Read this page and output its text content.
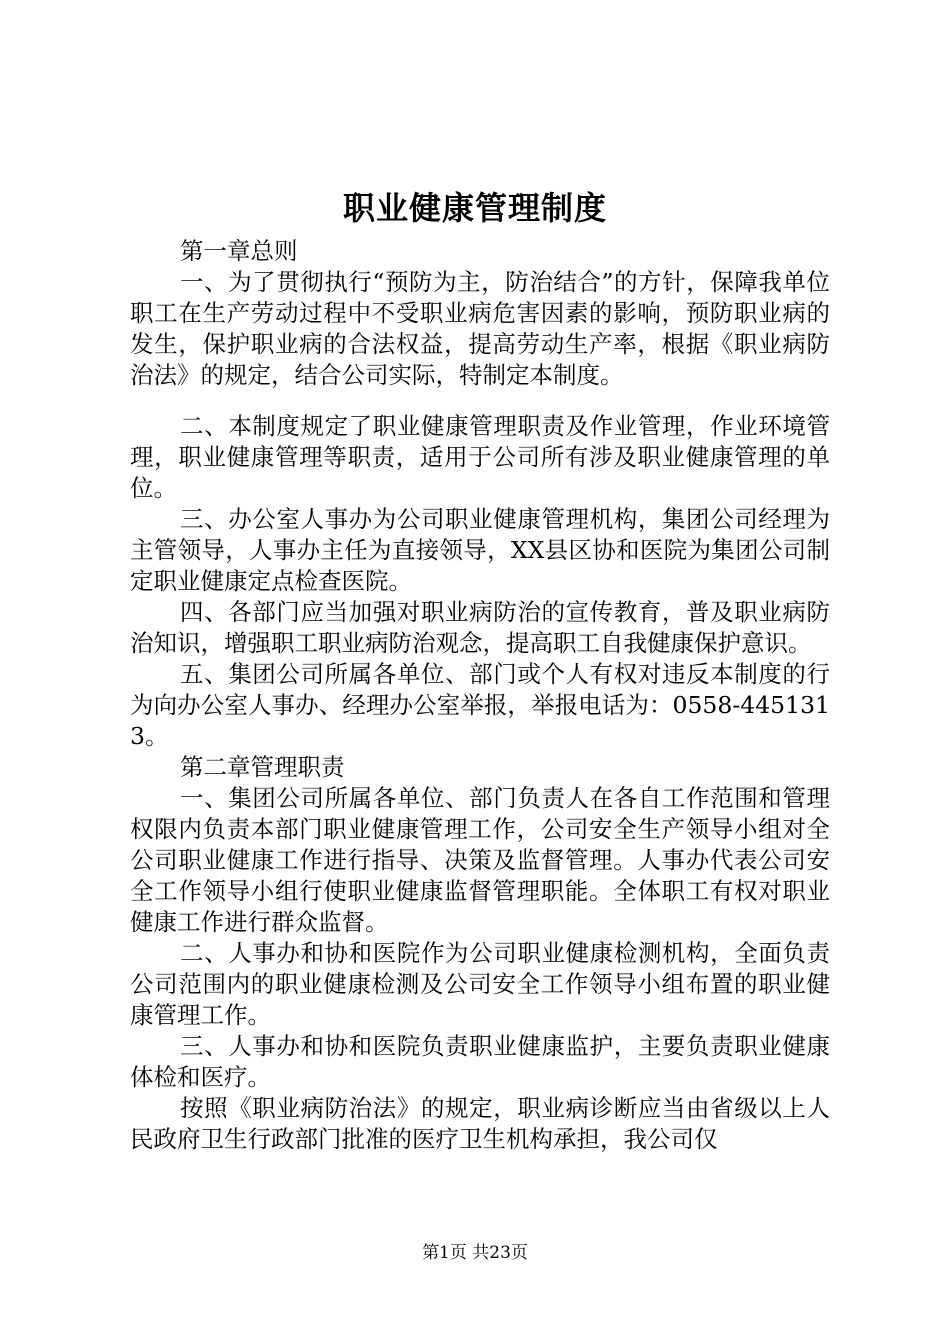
职业健康管理制度

第一章总则

一、为了贯彻执行“预防为主，防治结合”的方针，保障我单位职工在生产劳动过程中不受职业病危害因素的影响，预防职业病的发生，保护职业病的合法权益，提高劳动生产率，根据《职业病防治法》的规定，结合公司实际，特制定本制度。

二、本制度规定了职业健康管理职责及作业管理，作业环境管理，职业健康管理等职责，适用于公司所有涉及职业健康管理的单位。

三、办公室人事办为公司职业健康管理机构，集团公司经理为主管领导，人事办主任为直接领导，XX县区协和医院为集团公司制定职业健康定点检查医院。

四、各部门应当加强对职业病防治的宣传教育，普及职业病防治知识，增强职工职业病防治观念，提高职工自我健康保护意识。

五、集团公司所属各单位、部门或个人有权对违反本制度的行为向办公室人事办、经理办公室举报，举报电话为：0558-4451313。

第二章管理职责

一、集团公司所属各单位、部门负责人在各自工作范围和管理权限内负责本部门职业健康管理工作，公司安全生产领导小组对全公司职业健康工作进行指导、决策及监督管理。人事办代表公司安全工作领导小组行使职业健康监督管理职能。全体职工有权对职业健康工作进行群众监督。

二、人事办和协和医院作为公司职业健康检测机构，全面负责公司范围内的职业健康检测及公司安全工作领导小组布置的职业健康管理工作。

三、人事办和协和医院负责职业健康监护，主要负责职业健康体检和医疗。

按照《职业病防治法》的规定，职业病诊断应当由省级以上人民政府卫生行政部门批准的医疗卫生机构承担，我公司仅

第1页 共23页
